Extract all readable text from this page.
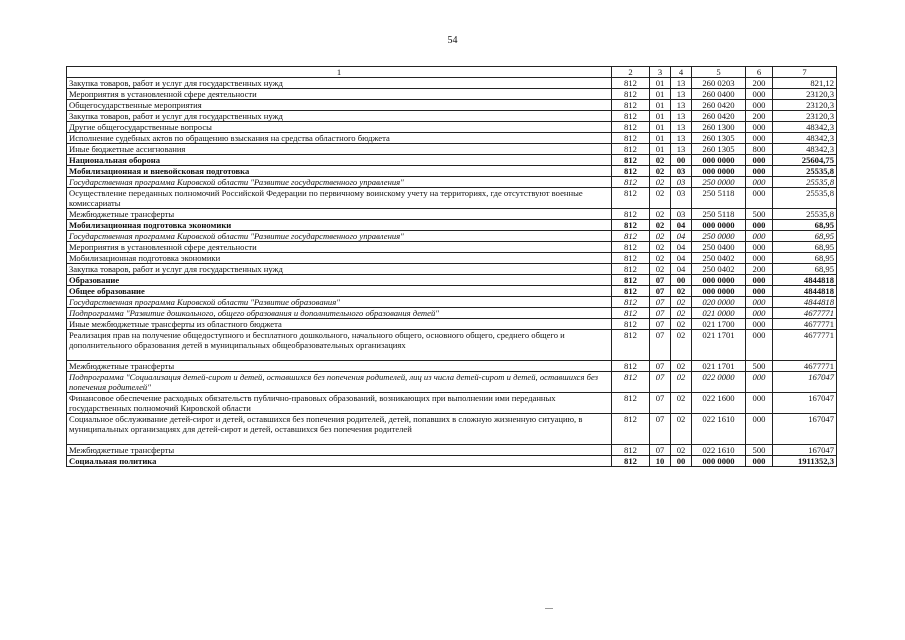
54
1	2	3	4	5	6	7
Закупка товаров, работ и услуг для государственных нужд	812	01	13	260 0203	200	821,12
Мероприятия в установленной сфере деятельности	812	01	13	260 0400	000	23120,3
Общегосударственные мероприятия	812	01	13	260 0420	000	23120,3
Закупка товаров, работ и услуг для государственных нужд	812	01	13	260 0420	200	23120,3
Другие общегосударственные вопросы	812	01	13	260 1300	000	48342,3
Исполнение судебных актов по обращению взыскания на средства областного бюджета	812	01	13	260 1305	000	48342,3
Иные бюджетные ассигнования	812	01	13	260 1305	800	48342,3
Национальная оборона	812	02	00	000 0000	000	25604,75
Мобилизационная и вневойсковая подготовка	812	02	03	000 0000	000	25535,8
Государственная программа Кировской области "Развитие государственного управления"	812	02	03	250 0000	000	25535,8
Осуществление переданных полномочий Российской Федерации по первичному воинскому учету на территориях, где отсутствуют военные комиссариаты	812	02	03	250 5118	000	25535,8
Межбюджетные трансферты	812	02	03	250 5118	500	25535,8
Мобилизационная подготовка экономики	812	02	04	000 0000	000	68,95
Государственная программа Кировской области "Развитие государственного управления"	812	02	04	250 0000	000	68,95
Мероприятия в установленной сфере деятельности	812	02	04	250 0400	000	68,95
Мобилизационная подготовка экономики	812	02	04	250 0402	000	68,95
Закупка товаров, работ и услуг для государственных нужд	812	02	04	250 0402	200	68,95
Образование	812	07	00	000 0000	000	4844818
Общее образование	812	07	02	000 0000	000	4844818
Государственная программа Кировской области "Развитие образования"	812	07	02	020 0000	000	4844818
Подпрограмма "Развитие дошкольного, общего образования и дополнительного образования детей"	812	07	02	021 0000	000	4677771
Иные межбюджетные трансферты из областного бюджета	812	07	02	021 1700	000	4677771
Реализация прав на получение общедоступного и бесплатного дошкольного, начального общего, основного общего, среднего общего и дополнительного образования детей в муниципальных общеобразовательных организациях	812	07	02	021 1701	000	4677771
Межбюджетные трансферты	812	07	02	021 1701	500	4677771
Подпрограмма "Социализация детей-сирот и детей, оставшихся без попечения родителей, лиц из числа детей-сирот и детей, оставшихся без попечения родителей"	812	07	02	022 0000	000	167047
Финансовое обеспечение расходных обязательств публично-правовых образований, возникающих при выполнении ими переданных государственных полномочий Кировской области	812	07	02	022 1600	000	167047
Социальное обслуживание детей-сирот и детей, оставшихся без попечения родителей, детей, попавших в сложную жизненную ситуацию, в муниципальных организациях для детей-сирот и детей, оставшихся без попечения родителей	812	07	02	022 1610	000	167047
Межбюджетные трансферты	812	07	02	022 1610	500	167047
Социальная политика	812	10	00	000 0000	000	1911352,3
